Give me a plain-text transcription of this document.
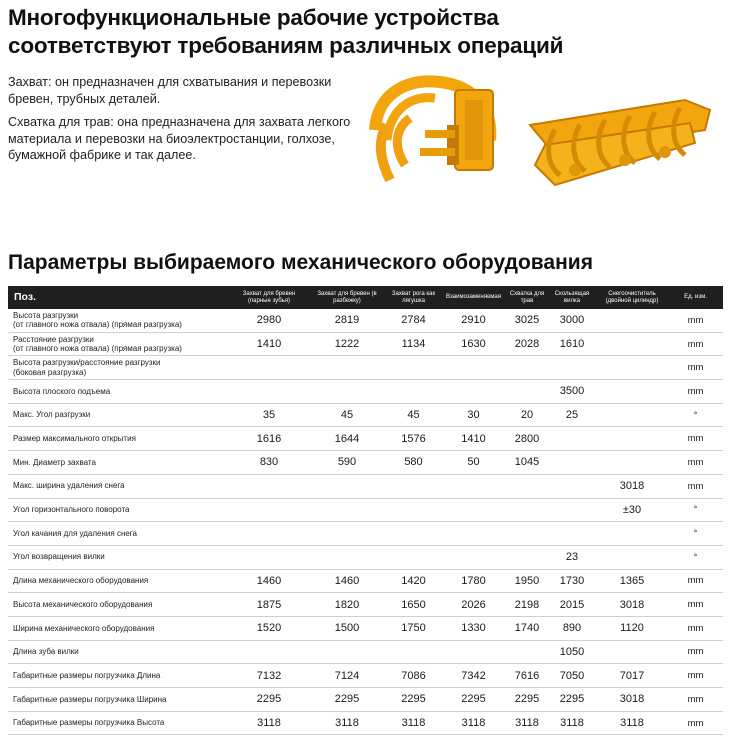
Многофункциональные рабочие устройства
соответствуют требованиям различных операций

Захват: он предназначен для схватывания и перевозки бревен, трубных деталей.

Схватка для трав: она предназначена для захвата легкого материала и перевозки на биоэлектростанции, голхозе, бумажной фабрике и так далее.

Параметры выбираемого механического оборудования
Поз.	Захват для бревен (парные зубья)	Захват для бревен (в разбежку)	Захват рога как лягушка	Взаимозаменяемая	Схватка для трав	Скользящая вилка	Снегоочиститель (двойной цилиндр)	Ед. изм.
Высота разгрузки
(от главного ножа отвала) (прямая разгрузка)	2980	2819	2784	2910	3025	3000		mm
Расстояние разгрузки
(от главного ножа отвала) (прямая разгрузка)	1410	1222	1134	1630	2028	1610		mm
Высота разгрузки/расстояние разгрузки
(боковая разгрузка)								mm
Высота плоского подъема						3500		mm
Макс. Угол разгрузки	35	45	45	30	20	25		°
Размер максимального открытия	1616	1644	1576	1410	2800			mm
Мин. Диаметр захвата	830	590	580	50	1045			mm
Макс. ширина удаления снега							3018	mm
Угол горизонтального поворота							±30	°
Угол качания для удаления снега								°
Угол возвращения вилки						23		°
Длина механического оборудования	1460	1460	1420	1780	1950	1730	1365	mm
Высота механического оборудования	1875	1820	1650	2026	2198	2015	3018	mm
Ширина механического оборудования	1520	1500	1750	1330	1740	890	1120	mm
Длина зуба вилки						1050		mm
Габаритные размеры погрузчика Длина	7132	7124	7086	7342	7616	7050	7017	mm
Габаритные размеры погрузчика Ширина	2295	2295	2295	2295	2295	2295	3018	mm
Габаритные размеры погрузчика Высота	3118	3118	3118	3118	3118	3118	3118	mm
